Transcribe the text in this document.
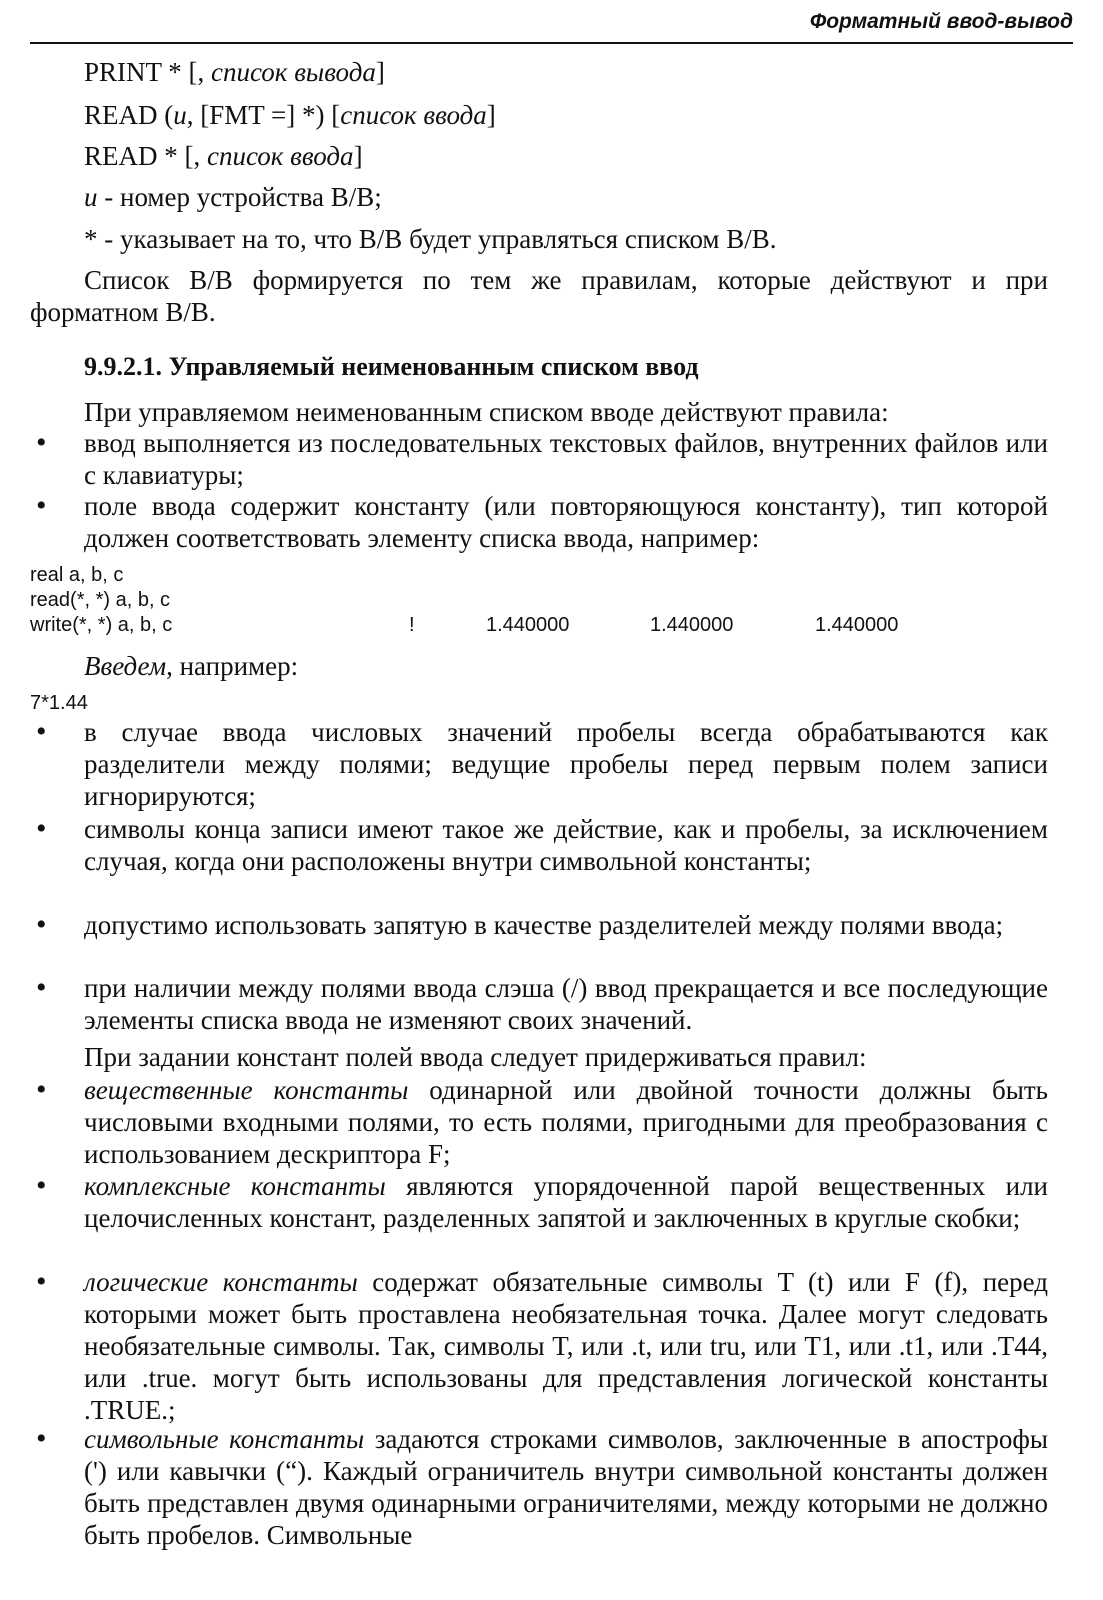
Форматный ввод-вывод
PRINT * [, список вывода]
READ (u, [FMT =] *) [список ввода]
READ * [, список ввода]
u - номер устройства В/В;
* - указывает на то, что В/В будет управляться списком В/В.
Список В/В формируется по тем же правилам, которые действуют и при форматном В/В.
9.9.2.1. Управляемый неименованным списком ввод
При управляемом неименованным списком вводе действуют правила:
• ввод выполняется из последовательных текстовых файлов, внутренних файлов или с клавиатуры;
• поле ввода содержит константу (или повторяющуюся константу), тип которой должен соответствовать элементу списка ввода, например:
real a, b, c
read(*, *) a, b, c
write(*, *) a, b, c	!	1.440000	1.440000	1.440000
Введем, например:
7*1.44
• в случае ввода числовых значений пробелы всегда обрабатываются как разделители между полями; ведущие пробелы перед первым полем записи игнорируются;
• символы конца записи имеют такое же действие, как и пробелы, за исключением случая, когда они расположены внутри символьной константы;
• допустимо использовать запятую в качестве разделителей между полями ввода;
• при наличии между полями ввода слэша (/) ввод прекращается и все последующие элементы списка ввода не изменяют своих значений.
При задании констант полей ввода следует придерживаться правил:
• вещественные константы одинарной или двойной точности должны быть числовыми входными полями, то есть полями, пригодными для преобразования с использованием дескриптора F;
• комплексные константы являются упорядоченной парой вещественных или целочисленных констант, разделенных запятой и заключенных в круглые скобки;
• логические константы содержат обязательные символы T (t) или F (f), перед которыми может быть проставлена необязательная точка. Далее могут следовать необязательные символы. Так, символы T, или .t, или tru, или T1, или .t1, или .T44, или .true. могут быть использованы для представления логической константы .TRUE.;
• символьные константы задаются строками символов, заключенные в апострофы (') или кавычки (“). Каждый ограничитель внутри символьной константы должен быть представлен двумя одинарными ограничителями, между которыми не должно быть пробелов. Символьные
